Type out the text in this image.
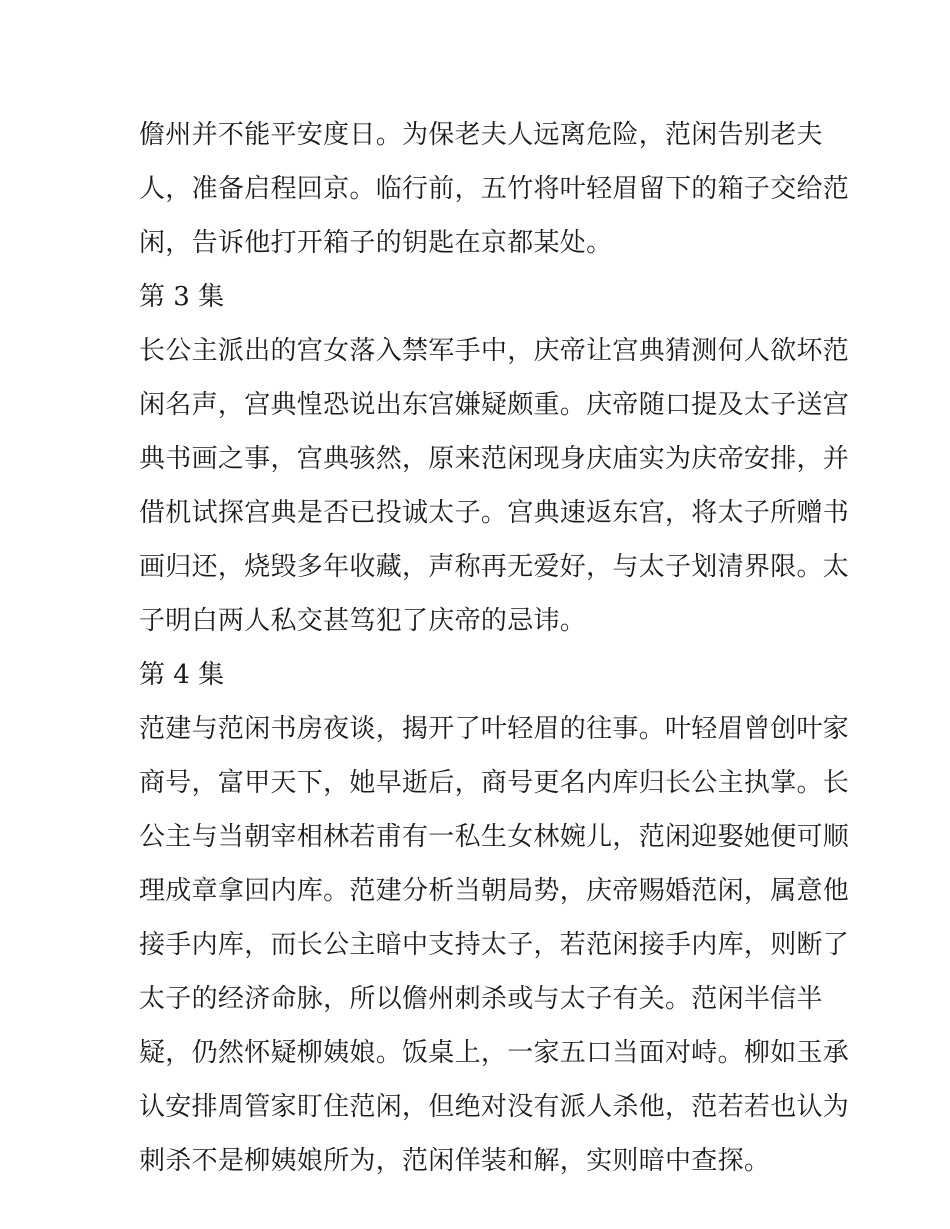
儋州并不能平安度日。为保老夫人远离危险，范闲告别老夫
人，准备启程回京。临行前，五竹将叶轻眉留下的箱子交给范
闲，告诉他打开箱子的钥匙在京都某处。
第 3 集
长公主派出的宫女落入禁军手中，庆帝让宫典猜测何人欲坏范
闲名声，宫典惶恐说出东宫嫌疑颇重。庆帝随口提及太子送宫
典书画之事，宫典骇然，原来范闲现身庆庙实为庆帝安排，并
借机试探宫典是否已投诚太子。宫典速返东宫，将太子所赠书
画归还，烧毁多年收藏，声称再无爱好，与太子划清界限。太
子明白两人私交甚笃犯了庆帝的忌讳。
第 4 集
范建与范闲书房夜谈，揭开了叶轻眉的往事。叶轻眉曾创叶家
商号，富甲天下，她早逝后，商号更名内库归长公主执掌。长
公主与当朝宰相林若甫有一私生女林婉儿，范闲迎娶她便可顺
理成章拿回内库。范建分析当朝局势，庆帝赐婚范闲，属意他
接手内库，而长公主暗中支持太子，若范闲接手内库，则断了
太子的经济命脉，所以儋州刺杀或与太子有关。范闲半信半
疑，仍然怀疑柳姨娘。饭桌上，一家五口当面对峙。柳如玉承
认安排周管家盯住范闲，但绝对没有派人杀他，范若若也认为
刺杀不是柳姨娘所为，范闲佯装和解，实则暗中查探。
